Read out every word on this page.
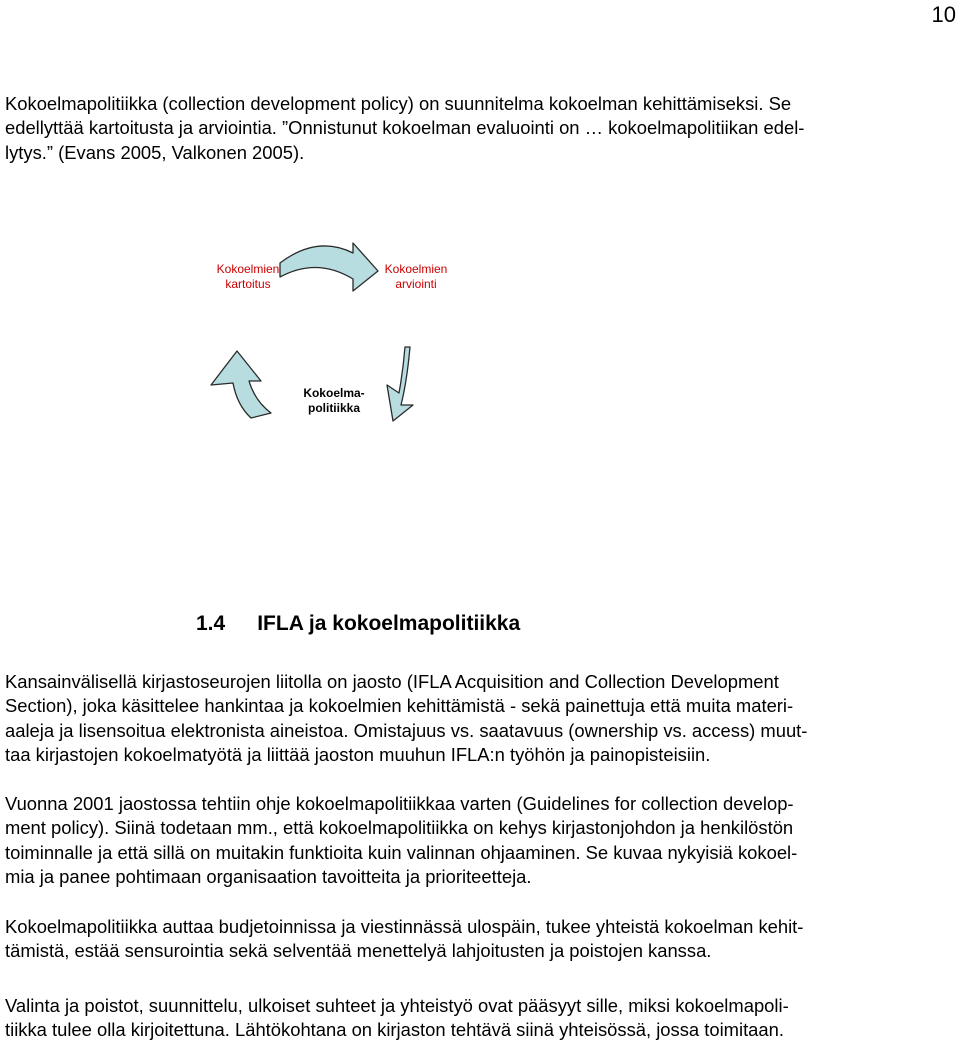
10

Kokoelmapolitiikka (collection development policy) on suunnitelma kokoelman kehittämiseksi. Se
edellyttää kartoitusta ja arviointia. ”Onnistunut kokoelman evaluointi on … kokoelmapolitiikan edel-
lytys.” (Evans 2005, Valkonen 2005).

Kokoelmien
kartoitus
Kokoelmien
arviointi
Kokoelma-
politiikka
1.4 IFLA ja kokoelmapolitiikka

Kansainvälisellä kirjastoseurojen liitolla on jaosto (IFLA Acquisition and Collection Development
Section), joka käsittelee hankintaa ja kokoelmien kehittämistä - sekä painettuja että muita materi-
aaleja ja lisensoitua elektronista aineistoa. Omistajuus vs. saatavuus (ownership vs. access) muut-
taa kirjastojen kokoelmatyötä ja liittää jaoston muuhun IFLA:n työhön ja painopisteisiin.

Vuonna 2001 jaostossa tehtiin ohje kokoelmapolitiikkaa varten (Guidelines for collection develop-
ment policy). Siinä todetaan mm., että kokoelmapolitiikka on kehys kirjastonjohdon ja henkilöstön
toiminnalle ja että sillä on muitakin funktioita kuin valinnan ohjaaminen. Se kuvaa nykyisiä kokoel-
mia ja panee pohtimaan organisaation tavoitteita ja prioriteetteja.

Kokoelmapolitiikka auttaa budjetoinnissa ja viestinnässä ulospäin, tukee yhteistä kokoelman kehit-
tämistä, estää sensurointia sekä selventää menettelyä lahjoitusten ja poistojen kanssa.

Valinta ja poistot, suunnittelu, ulkoiset suhteet ja yhteistyö ovat pääsyyt sille, miksi kokoelmapoli-
tiikka tulee olla kirjoitettuna. Lähtökohtana on kirjaston tehtävä siinä yhteisössä, jossa toimitaan.
